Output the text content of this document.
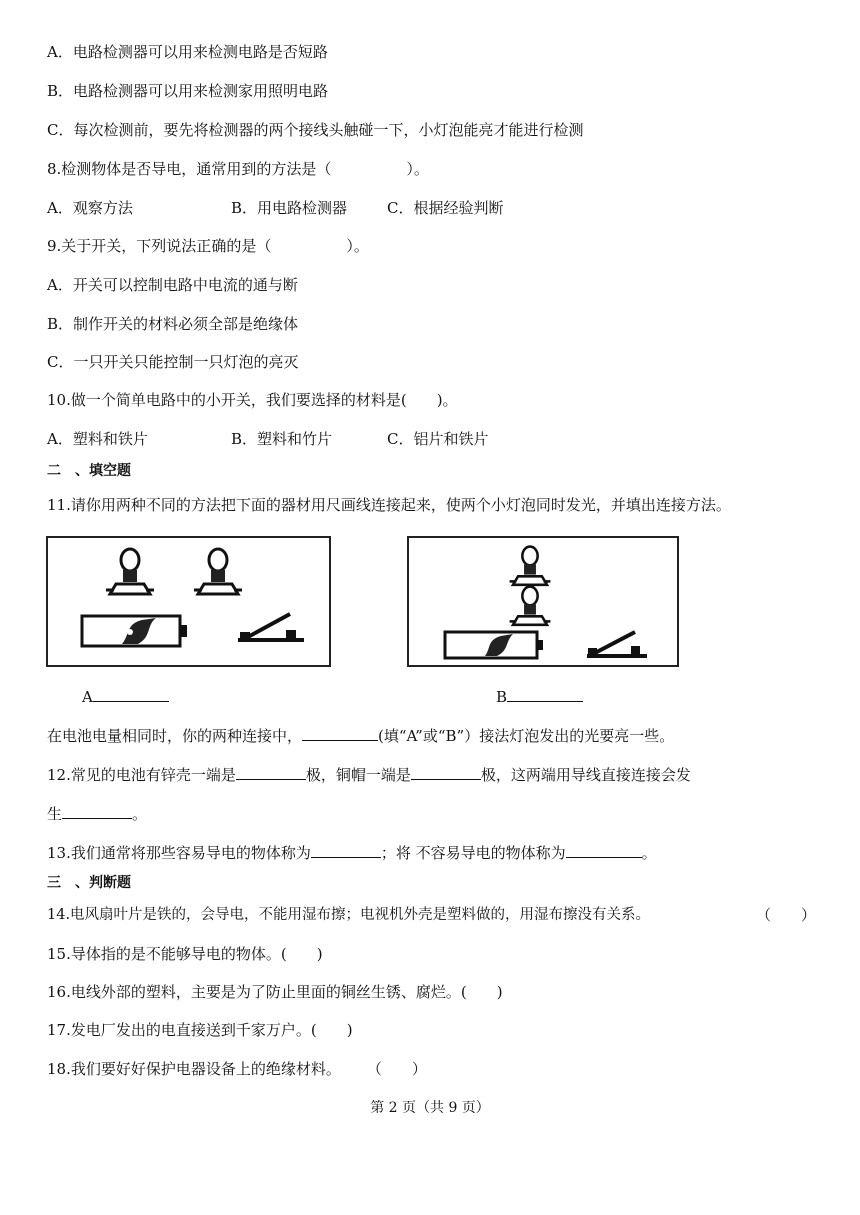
A．电路检测器可以用来检测电路是否短路
B．电路检测器可以用来检测家用照明电路
C．每次检测前，要先将检测器的两个接线头触碰一下，小灯泡能亮才能进行检测
8.检测物体是否导电，通常用到的方法是（　　　　　）。
A．观察方法	B．用电路检测器	C．根据经验判断
9.关于开关，下列说法正确的是（　　　　　）。
A．开关可以控制电路中电流的通与断
B．制作开关的材料必须全部是绝缘体
C．一只开关只能控制一只灯泡的亮灭
10.做一个简单电路中的小开关，我们要选择的材料是(　　)。
A．塑料和铁片	B．塑料和竹片	C．铝片和铁片
二　、填空题
11.请你用两种不同的方法把下面的器材用尺画线连接起来，使两个小灯泡同时发光，并填出连接方法。
A	B
在电池电量相同时，你的两种连接中，	(填“A”或“B”）接法灯泡发出的光要亮一些。
12.常见的电池有锌壳一端是	极，铜帽一端是	极，这两端用导线直接连接会发
生	。
13.我们通常将那些容易导电的物体称为	；将 不容易导电的物体称为	。
三　、判断题
14.电风扇叶片是铁的，会导电，不能用湿布擦；电视机外壳是塑料做的，用湿布擦没有关系。	（　　）
15.导体指的是不能够导电的物体。(　　)
16.电线外部的塑料，主要是为了防止里面的铜丝生锈、腐烂。(　　)
17.发电厂发出的电直接送到千家万户。(　　)
18.我们要好好保护电器设备上的绝缘材料。 （　　）
第 2 页（共 9 页）
